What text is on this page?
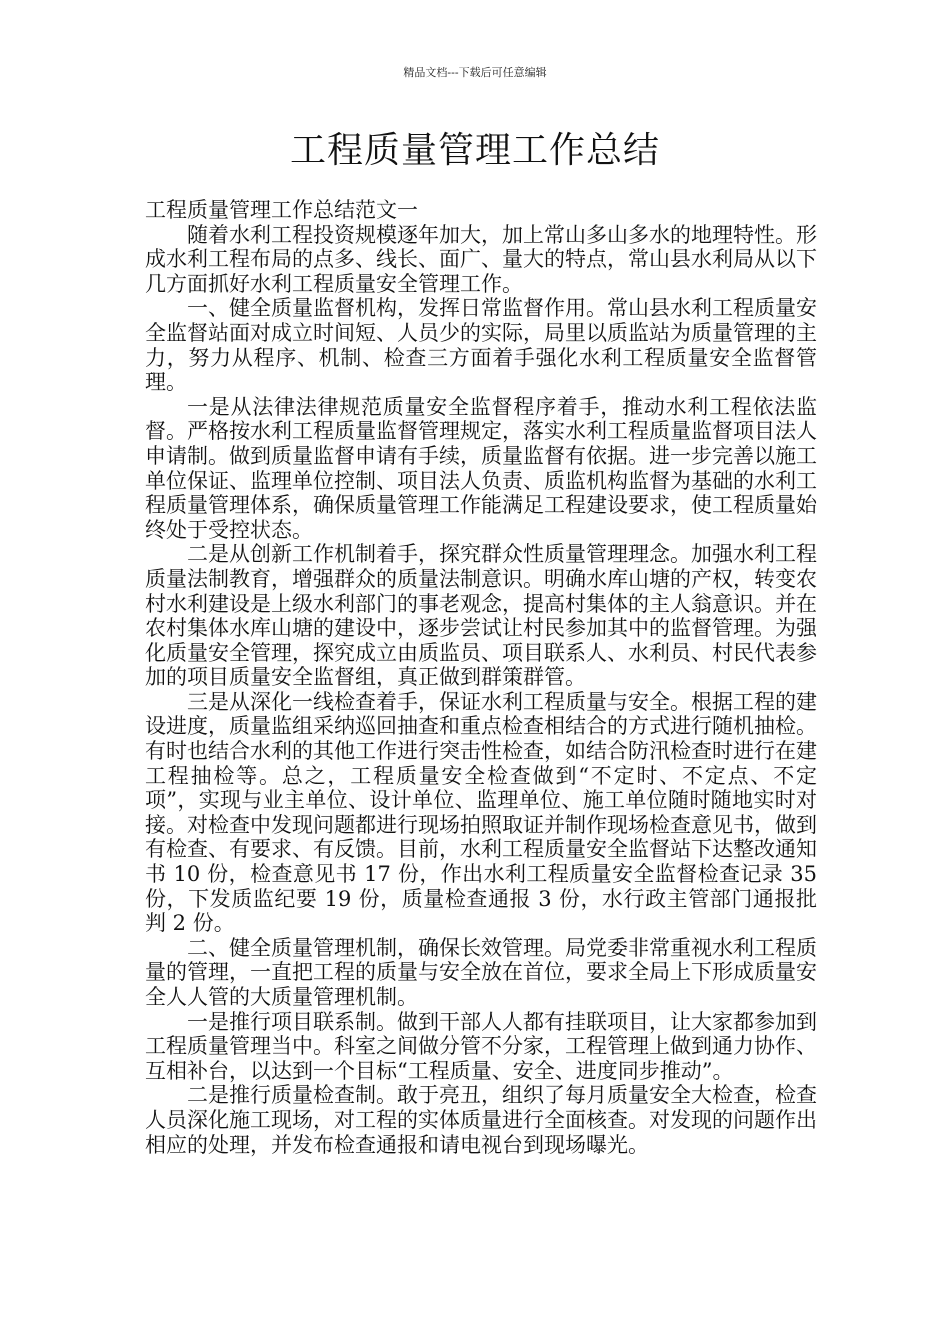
精品文档---下载后可任意编辑
工程质量管理工作总结

工程质量管理工作总结范文一

随着水利工程投资规模逐年加大，加上常山多山多水的地理特性。形成水利工程布局的点多、线长、面广、量大的特点，常山县水利局从以下几方面抓好水利工程质量安全管理工作。

一、健全质量监督机构，发挥日常监督作用。常山县水利工程质量安全监督站面对成立时间短、人员少的实际，局里以质监站为质量管理的主力，努力从程序、机制、检查三方面着手强化水利工程质量安全监督管理。

一是从法律法律规范质量安全监督程序着手，推动水利工程依法监督。严格按水利工程质量监督管理规定，落实水利工程质量监督项目法人申请制。做到质量监督申请有手续，质量监督有依据。进一步完善以施工单位保证、监理单位控制、项目法人负责、质监机构监督为基础的水利工程质量管理体系，确保质量管理工作能满足工程建设要求，使工程质量始终处于受控状态。

二是从创新工作机制着手，探究群众性质量管理理念。加强水利工程质量法制教育，增强群众的质量法制意识。明确水库山塘的产权，转变农村水利建设是上级水利部门的事老观念，提高村集体的主人翁意识。并在农村集体水库山塘的建设中，逐步尝试让村民参加其中的监督管理。为强化质量安全管理，探究成立由质监员、项目联系人、水利员、村民代表参加的项目质量安全监督组，真正做到群策群管。

三是从深化一线检查着手，保证水利工程质量与安全。根据工程的建设进度，质量监组采纳巡回抽查和重点检查相结合的方式进行随机抽检。有时也结合水利的其他工作进行突击性检查，如结合防汛检查时进行在建工程抽检等。总之，工程质量安全检查做到“不定时、不定点、不定项”，实现与业主单位、设计单位、监理单位、施工单位随时随地实时对接。对检查中发现问题都进行现场拍照取证并制作现场检查意见书，做到有检查、有要求、有反馈。目前，水利工程质量安全监督站下达整改通知书 10 份，检查意见书 17 份，作出水利工程质量安全监督检查记录 35 份，下发质监纪要 19 份，质量检查通报 3 份，水行政主管部门通报批判 2 份。

二、健全质量管理机制，确保长效管理。局党委非常重视水利工程质量的管理，一直把工程的质量与安全放在首位，要求全局上下形成质量安全人人管的大质量管理机制。

一是推行项目联系制。做到干部人人都有挂联项目，让大家都参加到工程质量管理当中。科室之间做分管不分家，工程管理上做到通力协作、互相补台，以达到一个目标“工程质量、安全、进度同步推动”。

二是推行质量检查制。敢于亮丑，组织了每月质量安全大检查，检查人员深化施工现场，对工程的实体质量进行全面核查。对发现的问题作出相应的处理，并发布检查通报和请电视台到现场曝光。
